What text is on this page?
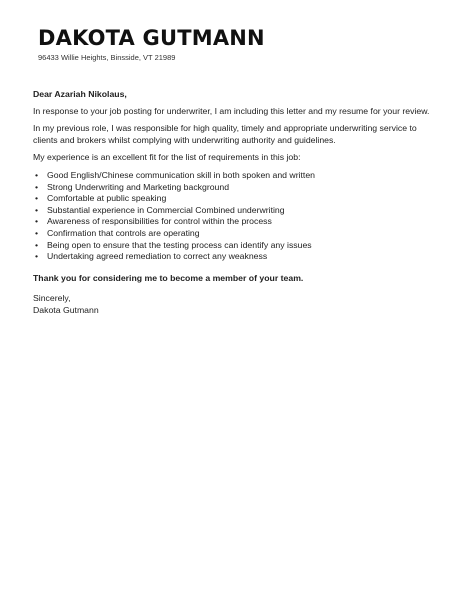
DAKOTA GUTMANN
96433 Willie Heights, Binsside, VT 21989

Dear Azariah Nikolaus,

In response to your job posting for underwriter, I am including this letter and my resume for your review.

In my previous role, I was responsible for high quality, timely and appropriate underwriting service to clients and brokers whilst complying with underwriting authority and guidelines.

My experience is an excellent fit for the list of requirements in this job:

• Good English/Chinese communication skill in both spoken and written
• Strong Underwriting and Marketing background
• Comfortable at public speaking
• Substantial experience in Commercial Combined underwriting
• Awareness of responsibilities for control within the process
• Confirmation that controls are operating
• Being open to ensure that the testing process can identify any issues
• Undertaking agreed remediation to correct any weakness

Thank you for considering me to become a member of your team.

Sincerely,

Dakota Gutmann
